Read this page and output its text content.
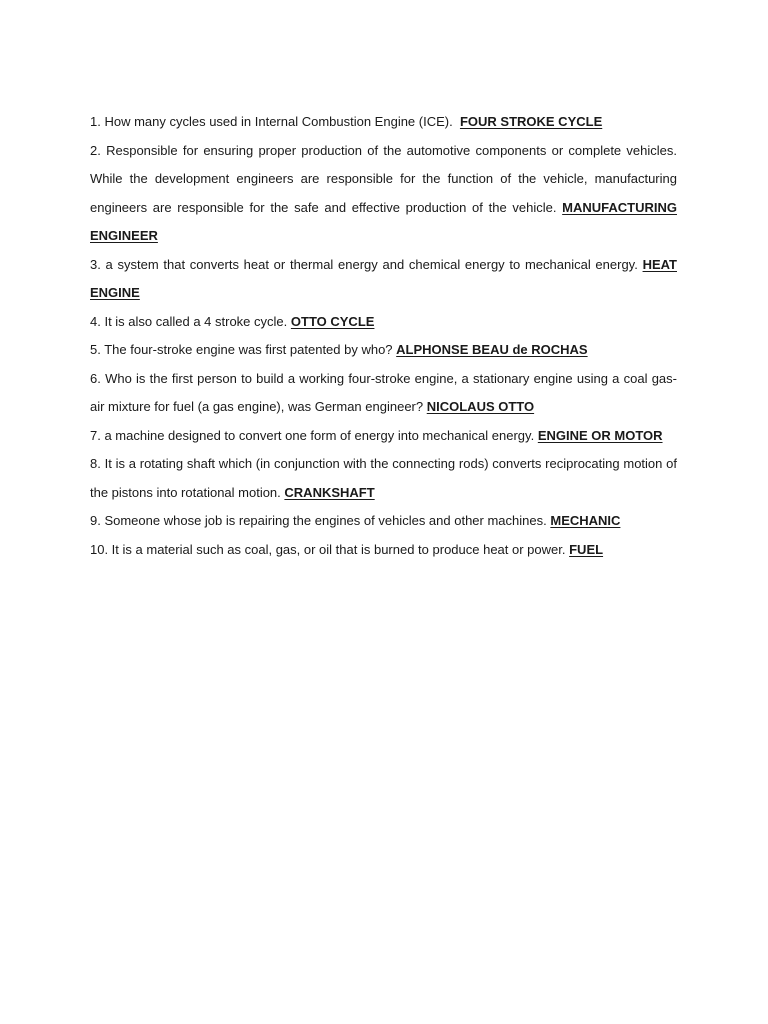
1. How many cycles used in Internal Combustion Engine (ICE). FOUR STROKE CYCLE

2. Responsible for ensuring proper production of the automotive components or complete vehicles. While the development engineers are responsible for the function of the vehicle, manufacturing engineers are responsible for the safe and effective production of the vehicle. MANUFACTURING ENGINEER

3. a system that converts heat or thermal energy and chemical energy to mechanical energy. HEAT ENGINE

4. It is also called a 4 stroke cycle. OTTO CYCLE

5. The four-stroke engine was first patented by who? ALPHONSE BEAU de ROCHAS

6. Who is the first person to build a working four-stroke engine, a stationary engine using a coal gas-air mixture for fuel (a gas engine), was German engineer? NICOLAUS OTTO

7. a machine designed to convert one form of energy into mechanical energy. ENGINE OR MOTOR

8. It is a rotating shaft which (in conjunction with the connecting rods) converts reciprocating motion of the pistons into rotational motion. CRANKSHAFT

9. Someone whose job is repairing the engines of vehicles and other machines. MECHANIC

10. It is a material such as coal, gas, or oil that is burned to produce heat or power. FUEL
